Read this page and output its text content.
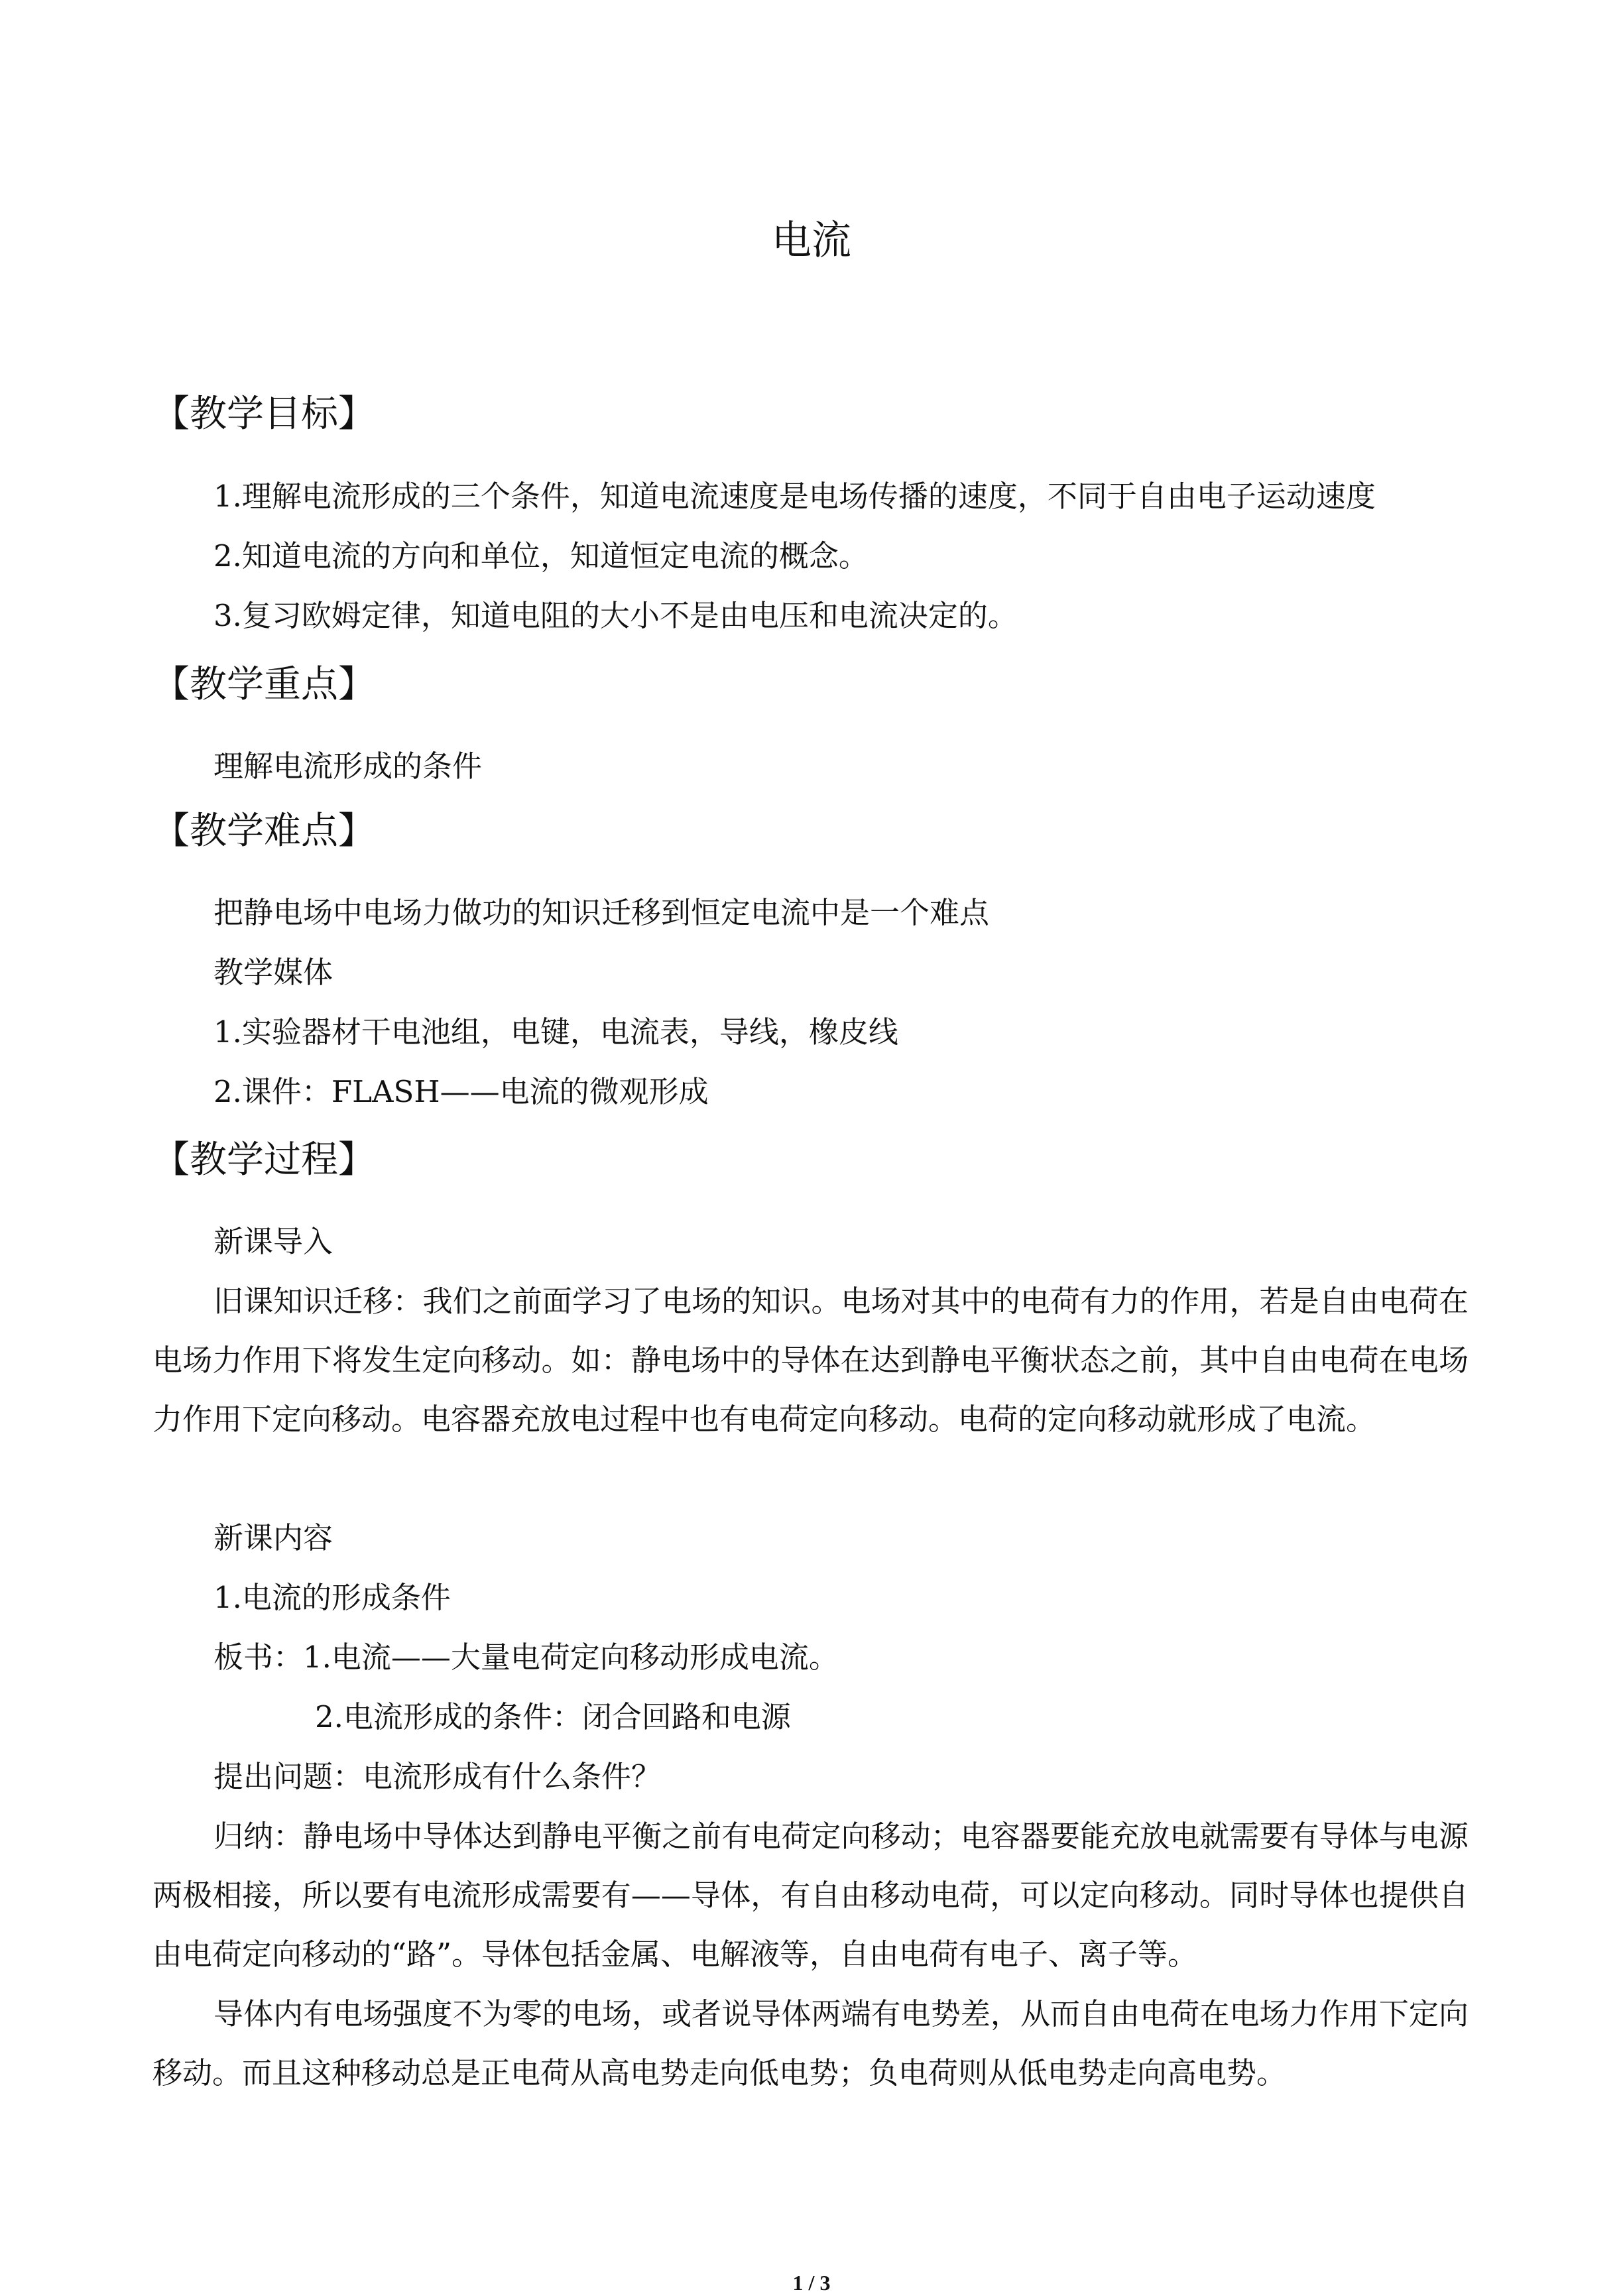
电流
【教学目标】
1.理解电流形成的三个条件，知道电流速度是电场传播的速度，不同于自由电子运动速度
2.知道电流的方向和单位，知道恒定电流的概念。
3.复习欧姆定律，知道电阻的大小不是由电压和电流决定的。
【教学重点】
理解电流形成的条件
【教学难点】
把静电场中电场力做功的知识迁移到恒定电流中是一个难点
教学媒体
1.实验器材干电池组，电键，电流表，导线，橡皮线
2.课件：FLASH——电流的微观形成
【教学过程】
新课导入

旧课知识迁移：我们之前面学习了电场的知识。电场对其中的电荷有力的作用，若是自由电荷在电场力作用下将发生定向移动。如：静电场中的导体在达到静电平衡状态之前，其中自由电荷在电场力作用下定向移动。电容器充放电过程中也有电荷定向移动。电荷的定向移动就形成了电流。

新课内容
1.电流的形成条件
板书：1.电流——大量电荷定向移动形成电流。
2.电流形成的条件：闭合回路和电源
提出问题：电流形成有什么条件？

归纳：静电场中导体达到静电平衡之前有电荷定向移动；电容器要能充放电就需要有导体与电源两极相接，所以要有电流形成需要有——导体，有自由移动电荷，可以定向移动。同时导体也提供自由电荷定向移动的“路”。导体包括金属、电解液等，自由电荷有电子、离子等。

导体内有电场强度不为零的电场，或者说导体两端有电势差，从而自由电荷在电场力作用下定向移动。而且这种移动总是正电荷从高电势走向低电势；负电荷则从低电势走向高电势。

1 / 3
